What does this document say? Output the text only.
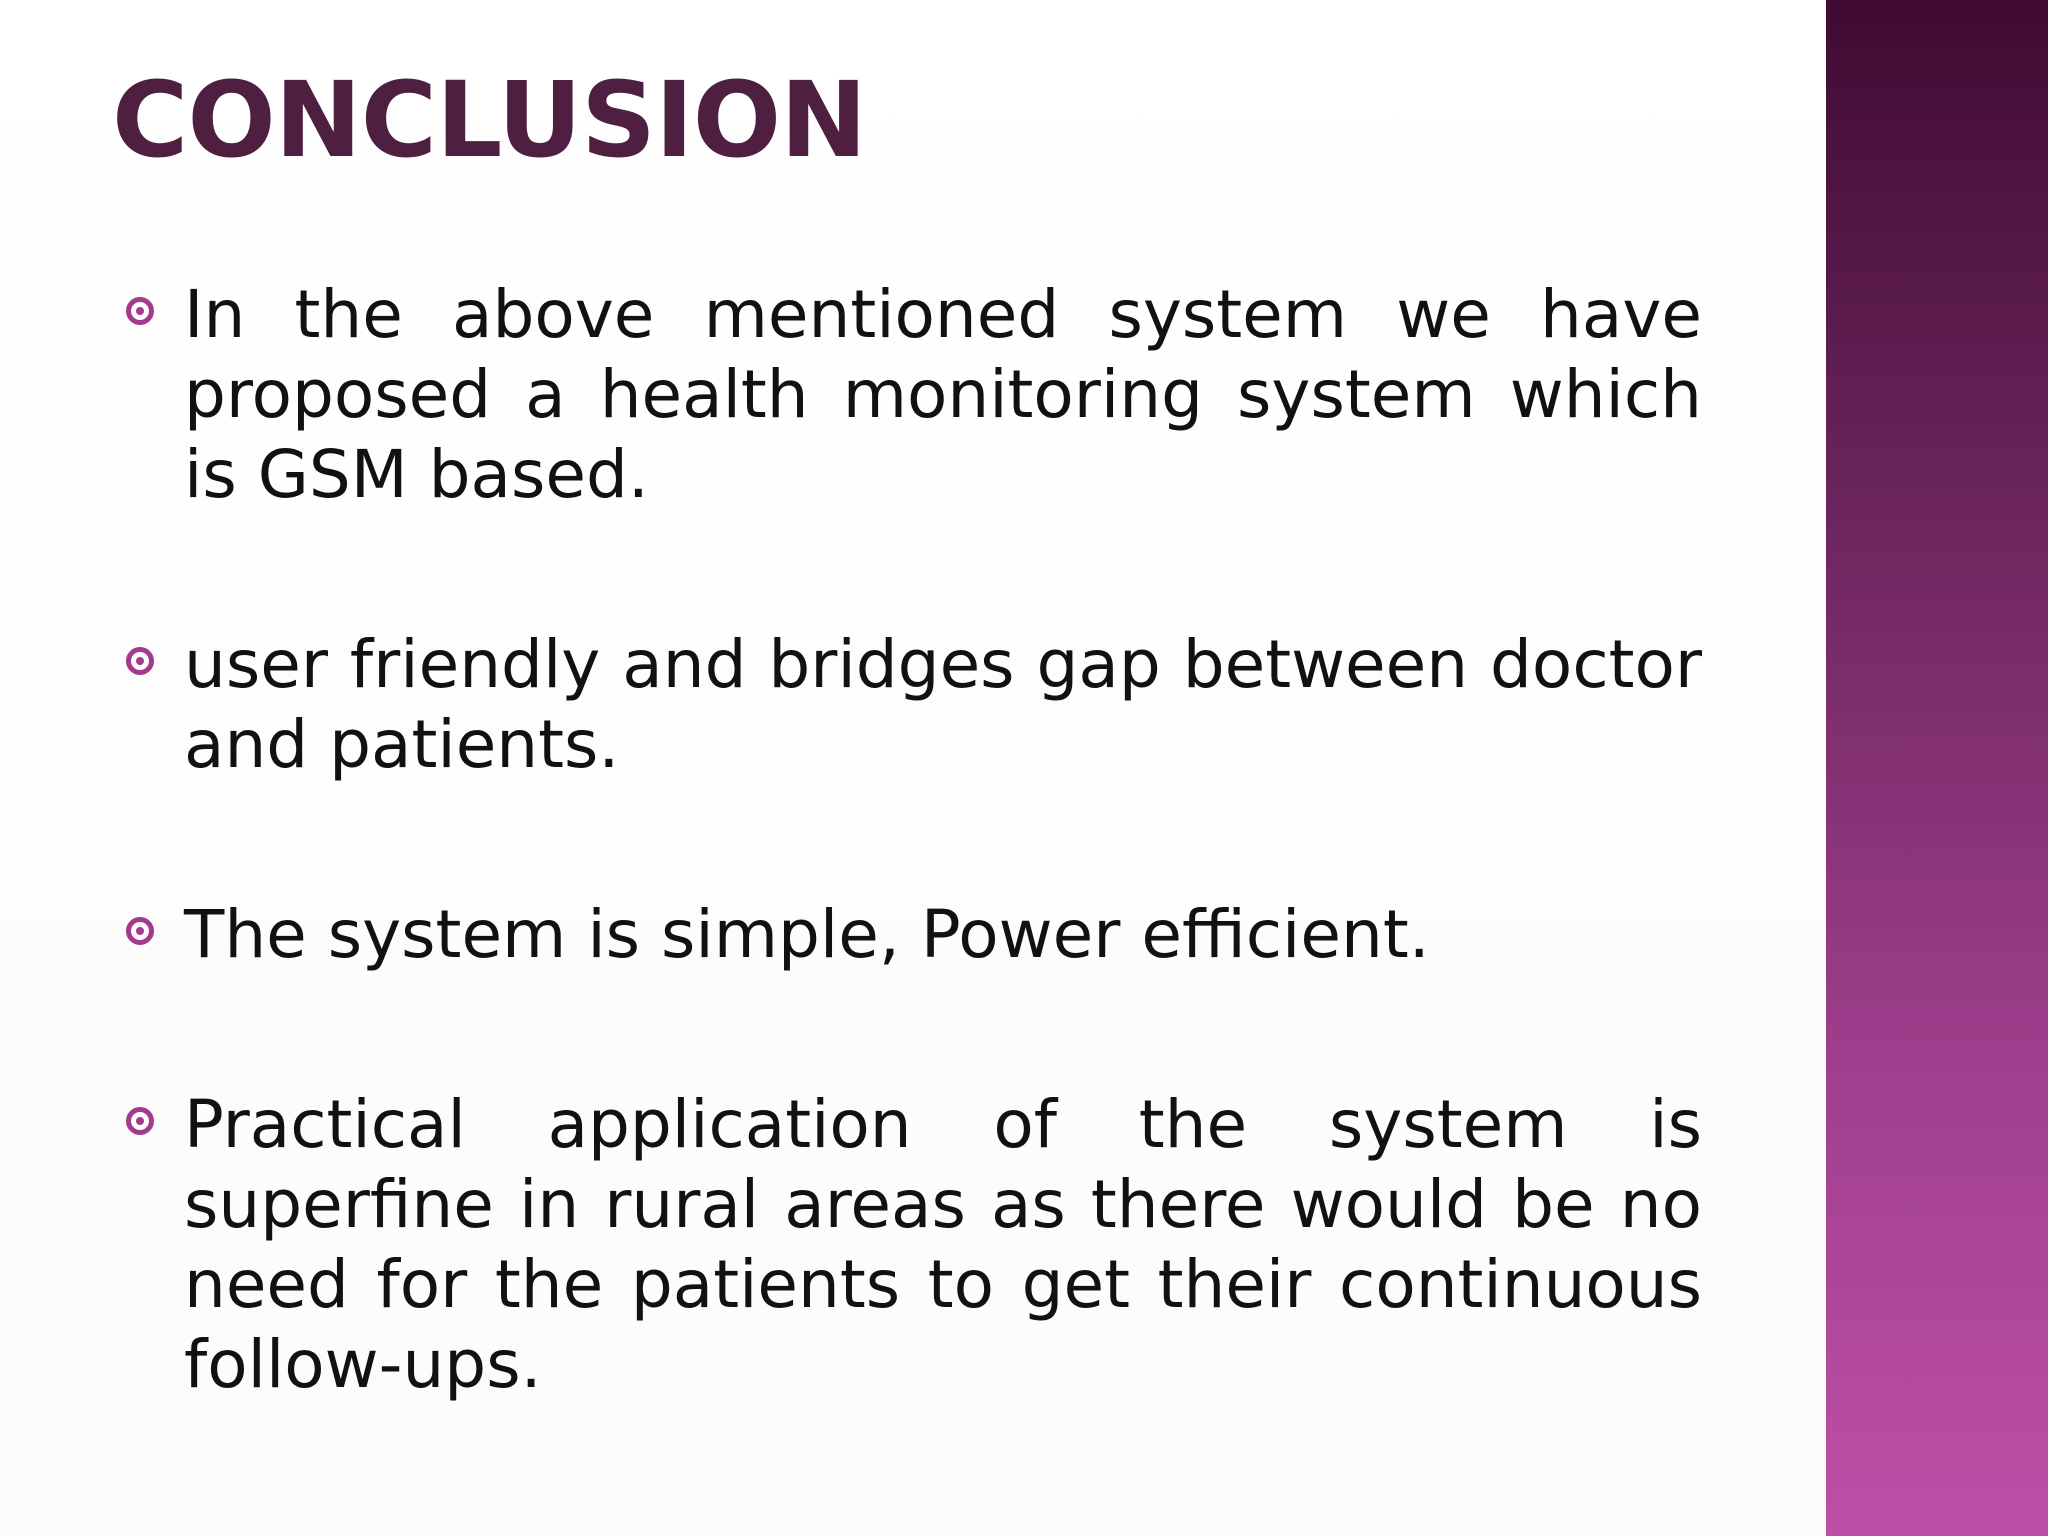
CONCLUSION
In the above mentioned system we have proposed a health monitoring system which is GSM based.
user friendly and bridges gap between doctor and patients.
The system is simple, Power efficient.
Practical application of the system is superfine in rural areas as there would be no need for the patients to get their continuous follow-ups.
